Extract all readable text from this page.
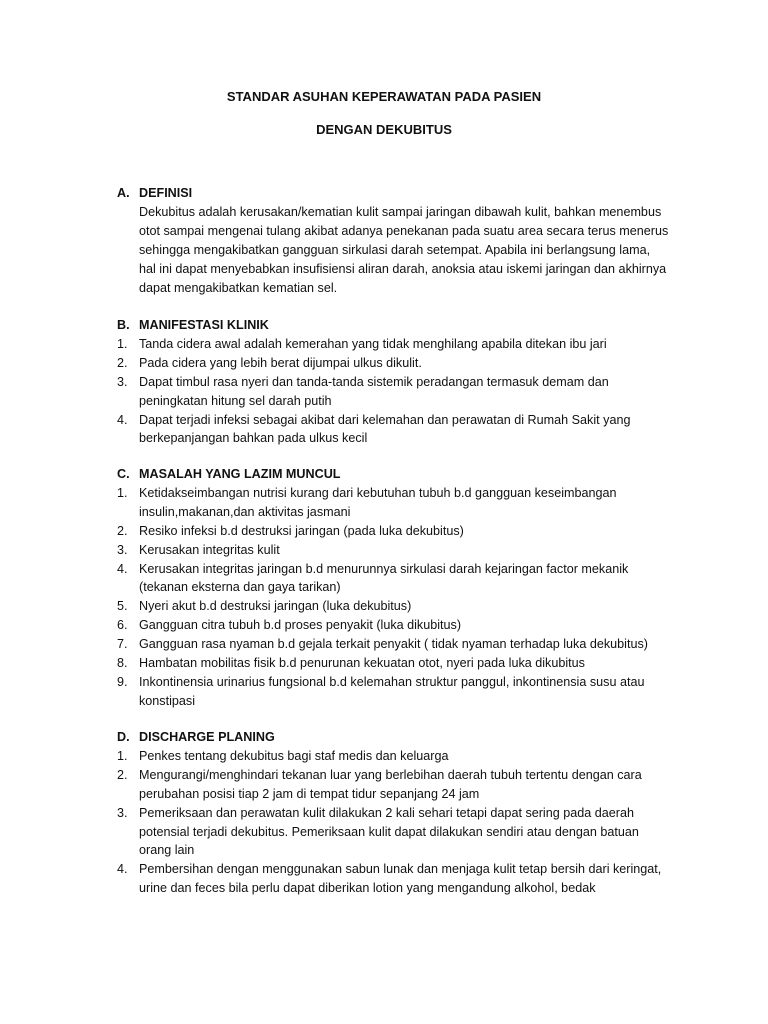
STANDAR ASUHAN KEPERAWATAN PADA PASIEN
DENGAN DEKUBITUS
A. DEFINISI
Dekubitus adalah kerusakan/kematian kulit sampai jaringan dibawah kulit, bahkan menembus otot sampai mengenai tulang akibat adanya penekanan pada suatu area secara terus menerus sehingga mengakibatkan gangguan sirkulasi darah setempat. Apabila ini berlangsung lama, hal ini dapat menyebabkan insufisiensi aliran darah, anoksia atau iskemi jaringan dan akhirnya dapat mengakibatkan kematian sel.
B. MANIFESTASI KLINIK
1. Tanda cidera awal adalah kemerahan yang tidak menghilang apabila ditekan ibu jari
2. Pada cidera yang lebih berat dijumpai ulkus dikulit.
3. Dapat timbul rasa nyeri dan tanda-tanda sistemik peradangan termasuk demam dan peningkatan hitung sel darah putih
4. Dapat terjadi infeksi sebagai akibat dari kelemahan dan perawatan di Rumah Sakit yang berkepanjangan bahkan pada ulkus kecil
C. MASALAH YANG LAZIM MUNCUL
1. Ketidakseimbangan nutrisi kurang dari kebutuhan tubuh b.d gangguan keseimbangan insulin,makanan,dan aktivitas jasmani
2. Resiko infeksi b.d destruksi jaringan (pada luka dekubitus)
3. Kerusakan integritas kulit
4. Kerusakan integritas jaringan b.d menurunnya sirkulasi darah kejaringan factor mekanik (tekanan eksterna dan gaya tarikan)
5. Nyeri akut b.d destruksi jaringan (luka dekubitus)
6. Gangguan citra tubuh b.d proses penyakit (luka dikubitus)
7. Gangguan rasa nyaman b.d gejala terkait penyakit ( tidak nyaman terhadap luka dekubitus)
8. Hambatan mobilitas fisik b.d penurunan kekuatan otot, nyeri pada luka dikubitus
9. Inkontinensia urinarius fungsional b.d kelemahan struktur panggul, inkontinensia susu atau konstipasi
D. DISCHARGE PLANING
1. Penkes tentang dekubitus bagi staf medis dan keluarga
2. Mengurangi/menghindari tekanan luar yang berlebihan daerah tubuh tertentu dengan cara perubahan posisi tiap 2 jam di tempat tidur sepanjang 24 jam
3. Pemeriksaan dan perawatan kulit dilakukan 2 kali sehari tetapi dapat sering pada daerah potensial terjadi dekubitus. Pemeriksaan kulit dapat dilakukan sendiri atau dengan batuan orang lain
4. Pembersihan dengan menggunakan sabun lunak dan menjaga kulit tetap bersih dari keringat, urine dan feces bila perlu dapat diberikan lotion yang mengandung alkohol, bedak
